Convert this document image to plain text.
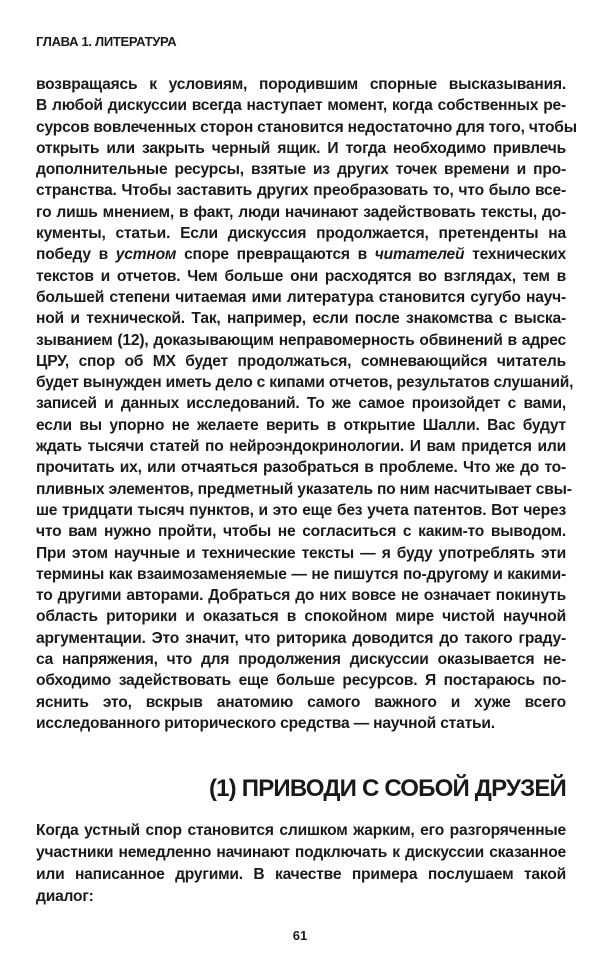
ГЛАВА 1. ЛИТЕРАТУРА
возвращаясь к условиям, породившим спорные высказывания.
В любой дискуссии всегда наступает момент, когда собственных ре-
сурсов вовлеченных сторон становится недостаточно для того, чтобы
открыть или закрыть черный ящик. И тогда необходимо привлечь
дополнительные ресурсы, взятые из других точек времени и про-
странства. Чтобы заставить других преобразовать то, что было все-
го лишь мнением, в факт, люди начинают задействовать тексты, до-
кументы, статьи. Если дискуссия продолжается, претенденты на
победу в устном споре превращаются в читателей технических
текстов и отчетов. Чем больше они расходятся во взглядах, тем в
большей степени читаемая ими литература становится сугубо науч-
ной и технической. Так, например, если после знакомства с выска-
зыванием (12), доказывающим неправомерность обвинений в адрес
ЦРУ, спор об МХ будет продолжаться, сомневающийся читатель
будет вынужден иметь дело с кипами отчетов, результатов слушаний,
записей и данных исследований. То же самое произойдет с вами,
если вы упорно не желаете верить в открытие Шалли. Вас будут
ждать тысячи статей по нейроэндокринологии. И вам придется или
прочитать их, или отчаяться разобраться в проблеме. Что же до то-
пливных элементов, предметный указатель по ним насчитывает свы-
ше тридцати тысяч пунктов, и это еще без учета патентов. Вот через
что вам нужно пройти, чтобы не согласиться с каким-то выводом.
При этом научные и технические тексты — я буду употреблять эти
термины как взаимозаменяемые — не пишутся по-другому и какими-
то другими авторами. Добраться до них вовсе не означает покинуть
область риторики и оказаться в спокойном мире чистой научной
аргументации. Это значит, что риторика доводится до такого граду-
са напряжения, что для продолжения дискуссии оказывается не-
обходимо задействовать еще больше ресурсов. Я постараюсь по-
яснить это, вскрыв анатомию самого важного и хуже всего
исследованного риторического средства — научной статьи.
(1) ПРИВОДИ С СОБОЙ ДРУЗЕЙ
Когда устный спор становится слишком жарким, его разгоряченные
участники немедленно начинают подключать к дискуссии сказанное
или написанное другими. В качестве примера послушаем такой
диалог:
61
